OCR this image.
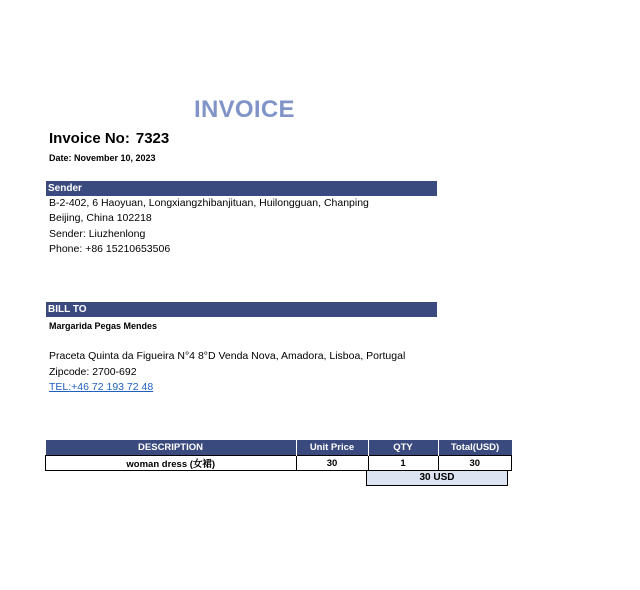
INVOICE
Invoice No: 7323
Date: November 10, 2023
Sender
B-2-402, 6 Haoyuan, Longxiangzhibanjituan, Huilongguan, Chanping
Beijing, China 102218
Sender: Liuzhenlong
Phone: +86 15210653506
BILL TO
Margarida Pegas Mendes
Praceta Quinta da Figueira N°4 8°D Venda Nova, Amadora, Lisboa, Portugal
Zipcode: 2700-692
TEL:+46 72 193 72 48
DESCRIPTION	Unit Price	QTY	Total(USD)
woman dress (女裙)	30	1	30
30 USD
